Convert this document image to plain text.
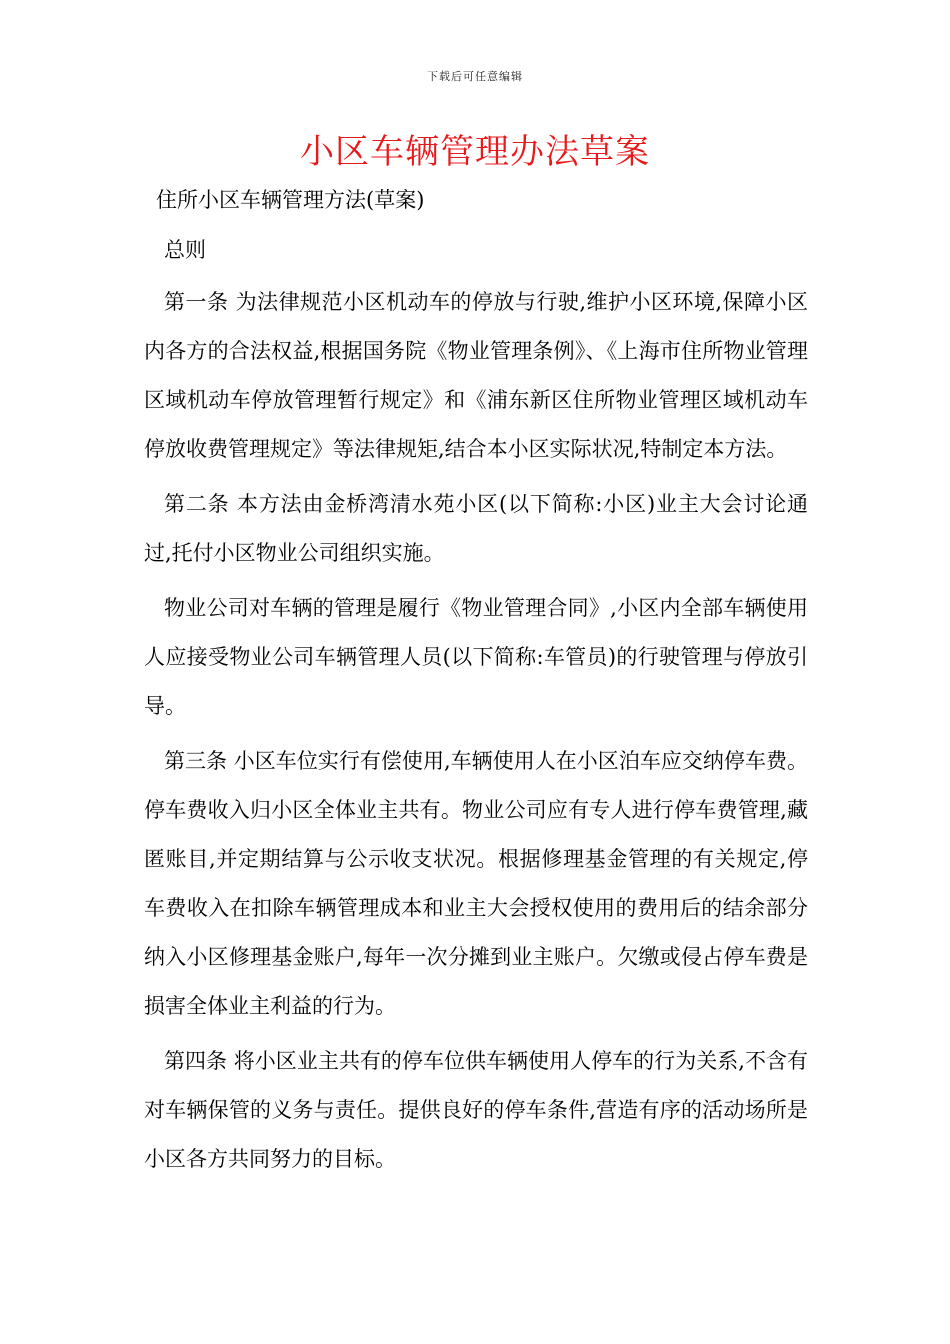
下载后可任意编辑
小区车辆管理办法草案

住所小区车辆管理方法(草案)

总则

第一条 为法律规范小区机动车的停放与行驶,维护小区环境,保障小区内各方的合法权益,根据国务院《物业管理条例》、《上海市住所物业管理区域机动车停放管理暂行规定》和《浦东新区住所物业管理区域机动车停放收费管理规定》等法律规矩,结合本小区实际状况,特制定本方法。

第二条 本方法由金桥湾清水苑小区(以下简称:小区)业主大会讨论通过,托付小区物业公司组织实施。

物业公司对车辆的管理是履行《物业管理合同》,小区内全部车辆使用人应接受物业公司车辆管理人员(以下简称:车管员)的行驶管理与停放引导。

第三条 小区车位实行有偿使用,车辆使用人在小区泊车应交纳停车费。停车费收入归小区全体业主共有。物业公司应有专人进行停车费管理,藏匿账目,并定期结算与公示收支状况。根据修理基金管理的有关规定,停车费收入在扣除车辆管理成本和业主大会授权使用的费用后的结余部分纳入小区修理基金账户,每年一次分摊到业主账户。欠缴或侵占停车费是损害全体业主利益的行为。

第四条 将小区业主共有的停车位供车辆使用人停车的行为关系,不含有对车辆保管的义务与责任。提供良好的停车条件,营造有序的活动场所是小区各方共同努力的目标。
